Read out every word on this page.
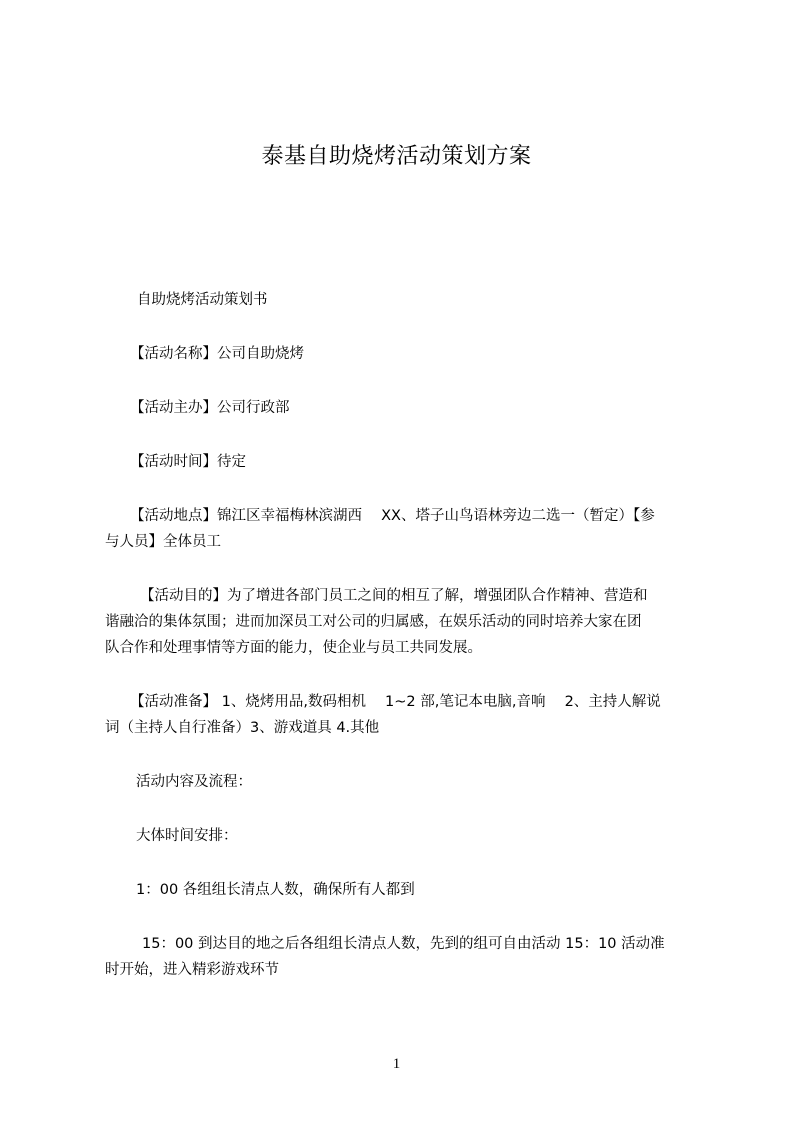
泰基自助烧烤活动策划方案
自助烧烤活动策划书
【活动名称】公司自助烧烤
【活动主办】公司行政部
【活动时间】待定
【活动地点】锦江区幸福梅林滨湖西　 XX、塔子山鸟语林旁边二选一（暂定）【参
与人员】全体员工
【活动目的】为了增进各部门员工之间的相互了解，增强团队合作精神、营造和
谐融洽的集体氛围；进而加深员工对公司的归属感，在娱乐活动的同时培养大家在团
队合作和处理事情等方面的能力，使企业与员工共同发展。
【活动准备】 1、烧烤用品,数码相机　 1~2 部,笔记本电脑,音响　 2、主持人解说
词（主持人自行准备）3、游戏道具 4.其他
活动内容及流程：
大体时间安排：
1：00 各组组长清点人数，确保所有人都到
15：00 到达目的地之后各组组长清点人数，先到的组可自由活动 15：10 活动准
时开始，进入精彩游戏环节
1
